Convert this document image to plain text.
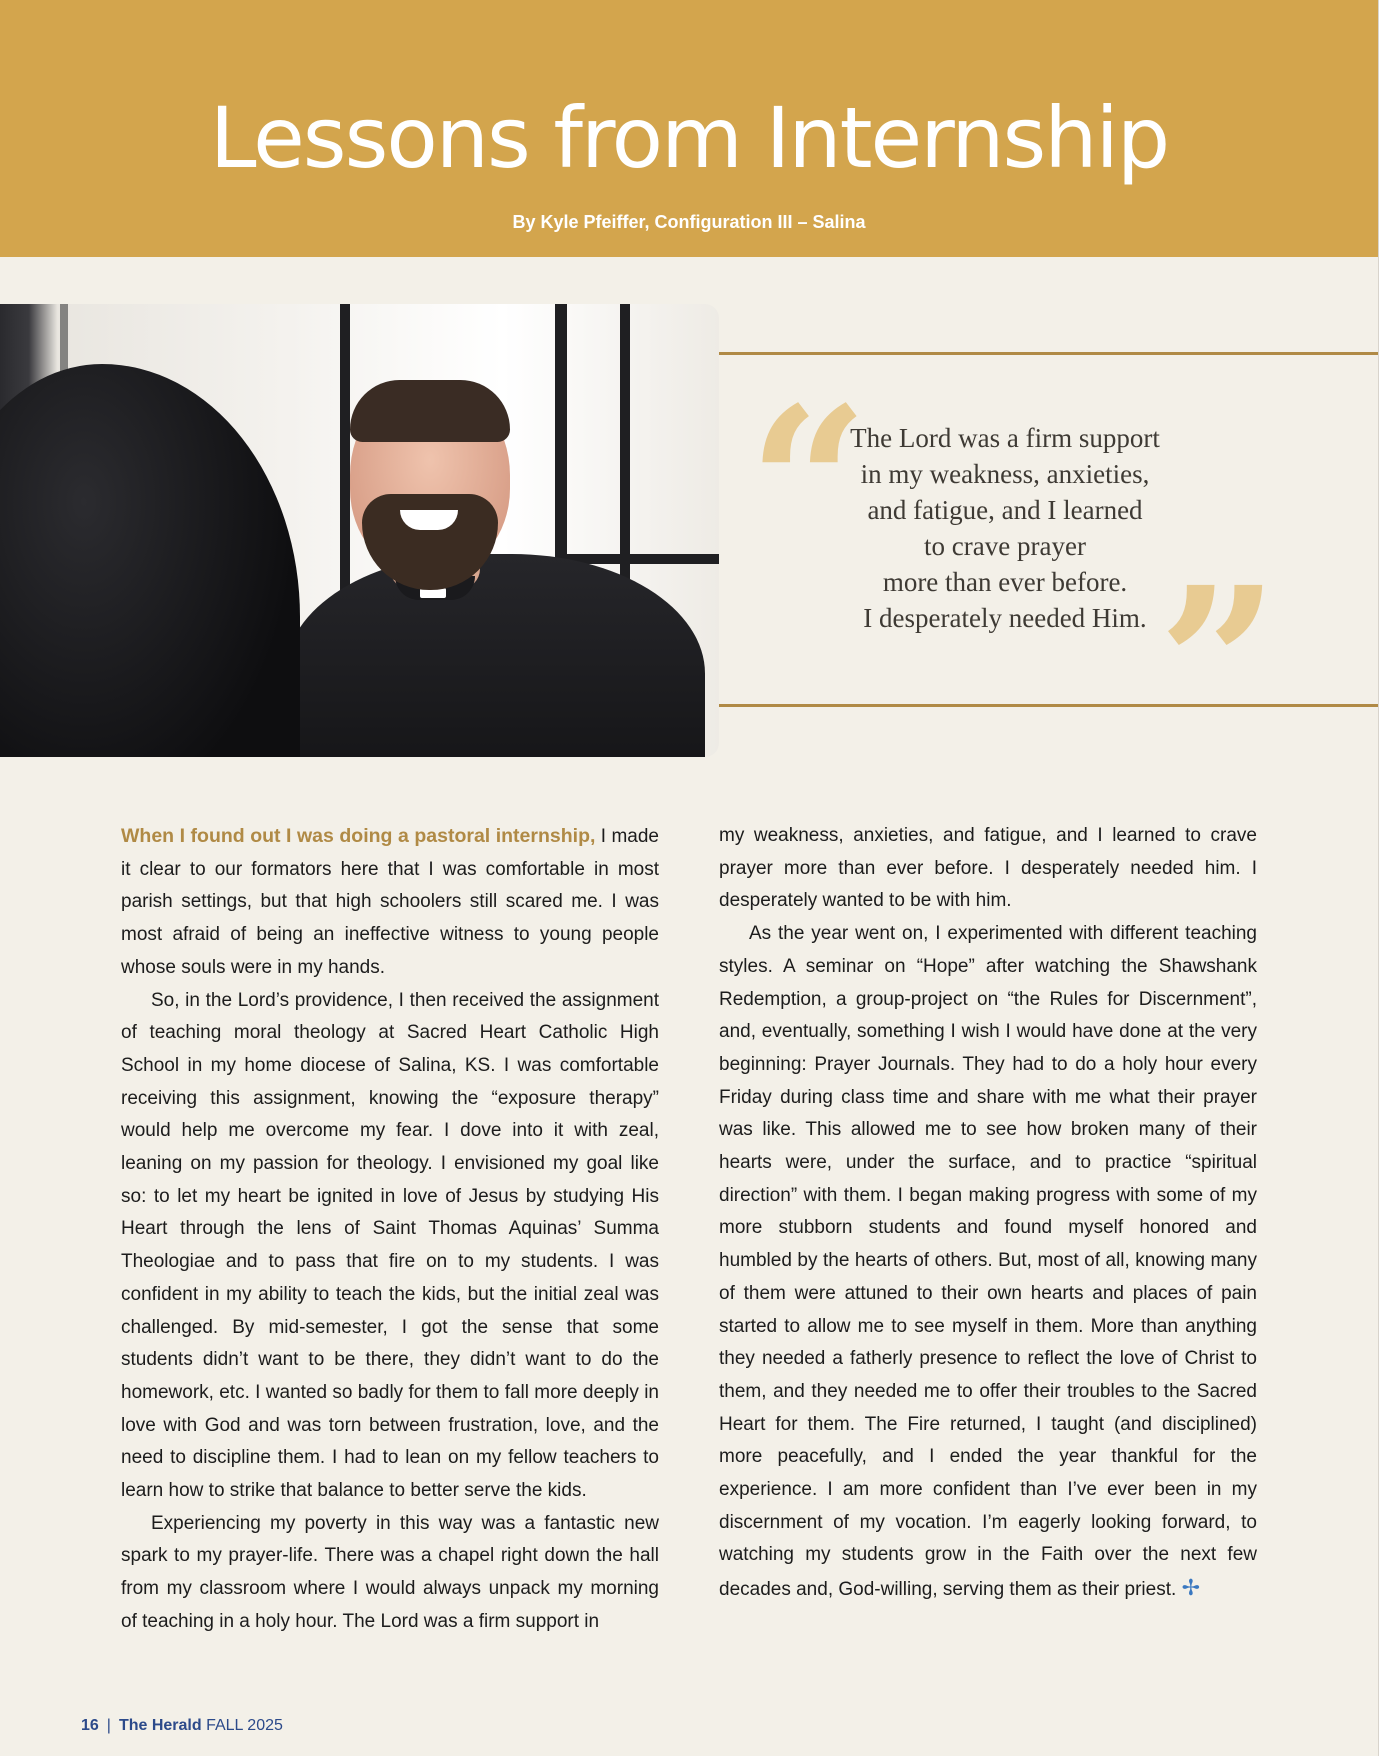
Lessons from Internship

By Kyle Pfeiffer, Configuration III – Salina

“
”

The Lord was a firm support
in my weakness, anxieties,
and fatigue, and I learned
to crave prayer
more than ever before.
I desperately needed Him.

When I found out I was doing a pastoral internship, I made it clear to our formators here that I was comfortable in most parish settings, but that high schoolers still scared me. I was most afraid of being an ineffective witness to young people whose souls were in my hands.

So, in the Lord’s providence, I then received the assignment of teaching moral theology at Sacred Heart Catholic High School in my home diocese of Salina, KS. I was comfortable receiving this assignment, knowing the “exposure therapy” would help me overcome my fear. I dove into it with zeal, leaning on my passion for theology. I envisioned my goal like so: to let my heart be ignited in love of Jesus by studying His Heart through the lens of Saint Thomas Aquinas’ Summa Theologiae and to pass that fire on to my students. I was confident in my ability to teach the kids, but the initial zeal was challenged. By mid-semester, I got the sense that some students didn’t want to be there, they didn’t want to do the homework, etc. I wanted so badly for them to fall more deeply in love with God and was torn between frustration, love, and the need to discipline them. I had to lean on my fellow teachers to learn how to strike that balance to better serve the kids.

Experiencing my poverty in this way was a fantastic new spark to my prayer-life. There was a chapel right down the hall from my classroom where I would always unpack my morning of teaching in a holy hour. The Lord was a firm support in

my weakness, anxieties, and fatigue, and I learned to crave prayer more than ever before. I desperately needed him. I desperately wanted to be with him.

As the year went on, I experimented with different teaching styles. A seminar on “Hope” after watching the Shawshank Redemption, a group-project on “the Rules for Discernment”, and, eventually, something I wish I would have done at the very beginning: Prayer Journals. They had to do a holy hour every Friday during class time and share with me what their prayer was like. This allowed me to see how broken many of their hearts were, under the surface, and to practice “spiritual direction” with them. I began making progress with some of my more stubborn students and found myself honored and humbled by the hearts of others. But, most of all, knowing many of them were attuned to their own hearts and places of pain started to allow me to see myself in them. More than anything they needed a fatherly presence to reflect the love of Christ to them, and they needed me to offer their troubles to the Sacred Heart for them. The Fire returned, I taught (and disciplined) more peacefully, and I ended the year thankful for the experience. I am more confident than I’ve ever been in my discernment of my vocation. I’m eagerly looking forward, to watching my students grow in the Faith over the next few decades and, God-willing, serving them as their priest. ✢

16 | The Herald FALL 2025
